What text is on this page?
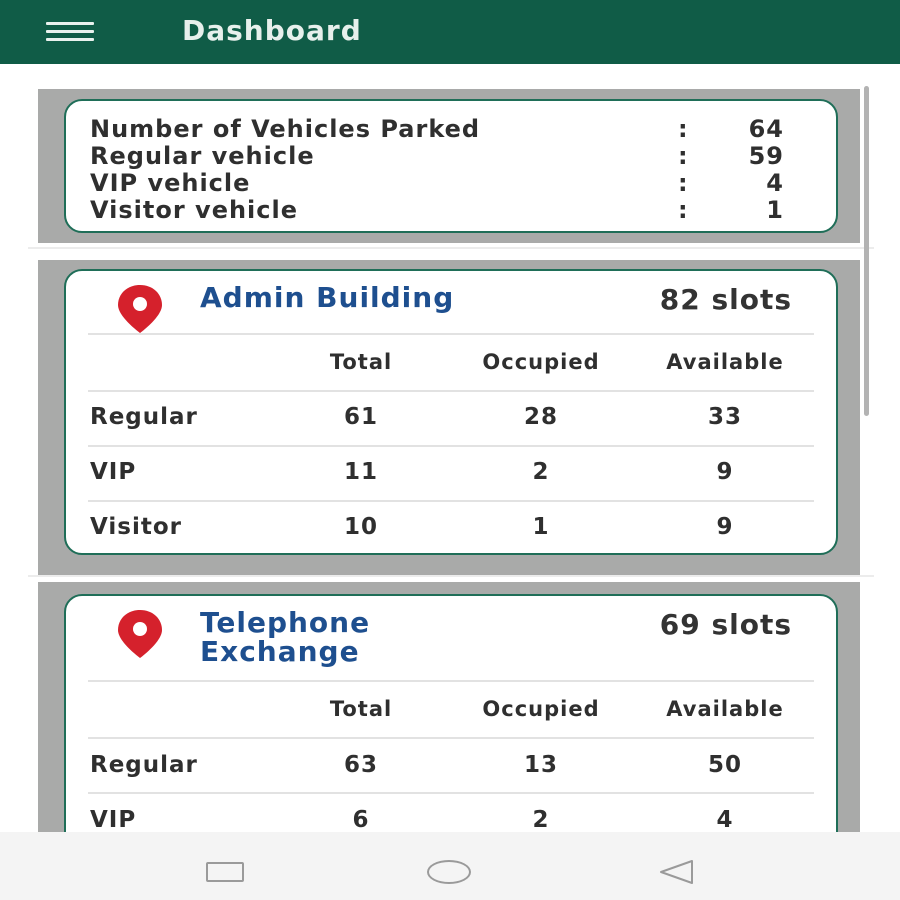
Dashboard
Number of Vehicles Parked	: 64
Regular vehicle	: 59
VIP vehicle	:	4
Visitor vehicle	:	1
Admin Building	82 slots
Total	Occupied	Available
Regular	61	28	33
VIP	11	2	9
Visitor	10	1	9
Telephone Exchange
69 slots
Total	Occupied	Available
Regular	63	13	50
VIP	6	2	4
